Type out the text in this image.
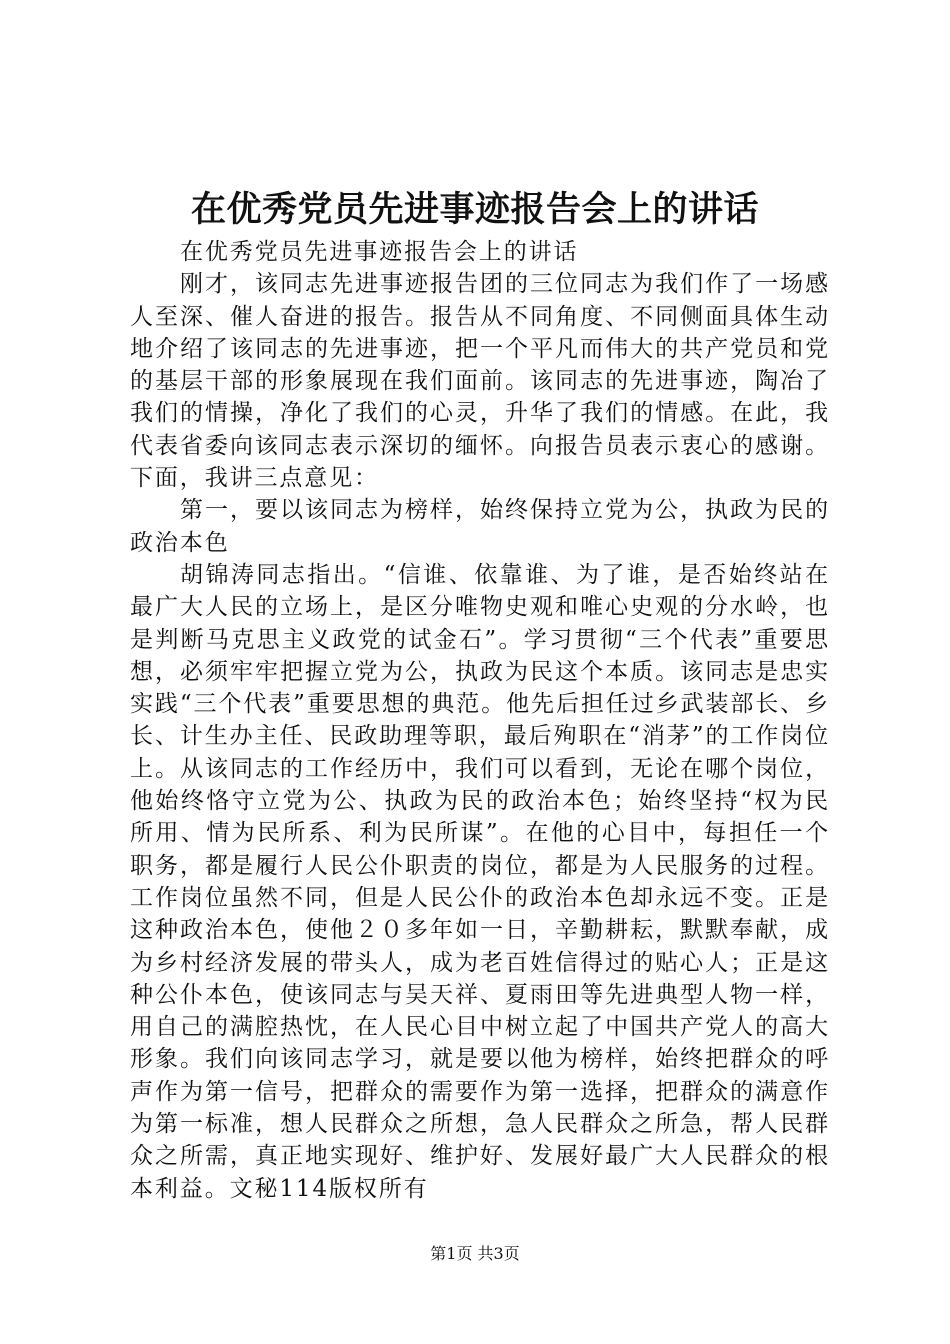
在优秀党员先进事迹报告会上的讲话

在优秀党员先进事迹报告会上的讲话

刚才，该同志先进事迹报告团的三位同志为我们作了一场感人至深、催人奋进的报告。报告从不同角度、不同侧面具体生动地介绍了该同志的先进事迹，把一个平凡而伟大的共产党员和党的基层干部的形象展现在我们面前。该同志的先进事迹，陶冶了我们的情操，净化了我们的心灵，升华了我们的情感。在此，我代表省委向该同志表示深切的缅怀。向报告员表示衷心的感谢。下面，我讲三点意见：

第一，要以该同志为榜样，始终保持立党为公，执政为民的政治本色

胡锦涛同志指出。“信谁、依靠谁、为了谁，是否始终站在最广大人民的立场上，是区分唯物史观和唯心史观的分水岭，也是判断马克思主义政党的试金石”。学习贯彻“三个代表”重要思想，必须牢牢把握立党为公，执政为民这个本质。该同志是忠实实践“三个代表”重要思想的典范。他先后担任过乡武装部长、乡长、计生办主任、民政助理等职，最后殉职在“消茅”的工作岗位上。从该同志的工作经历中，我们可以看到，无论在哪个岗位，他始终恪守立党为公、执政为民的政治本色；始终坚持“权为民所用、情为民所系、利为民所谋”。在他的心目中，每担任一个职务，都是履行人民公仆职责的岗位，都是为人民服务的过程。工作岗位虽然不同，但是人民公仆的政治本色却永远不变。正是这种政治本色，使他２０多年如一日，辛勤耕耘，默默奉献，成为乡村经济发展的带头人，成为老百姓信得过的贴心人；正是这种公仆本色，使该同志与吴天祥、夏雨田等先进典型人物一样，用自己的满腔热忱，在人民心目中树立起了中国共产党人的高大形象。我们向该同志学习，就是要以他为榜样，始终把群众的呼声作为第一信号，把群众的需要作为第一选择，把群众的满意作为第一标准，想人民群众之所想，急人民群众之所急，帮人民群众之所需，真正地实现好、维护好、发展好最广大人民群众的根本利益。文秘114版权所有

第1页 共3页
